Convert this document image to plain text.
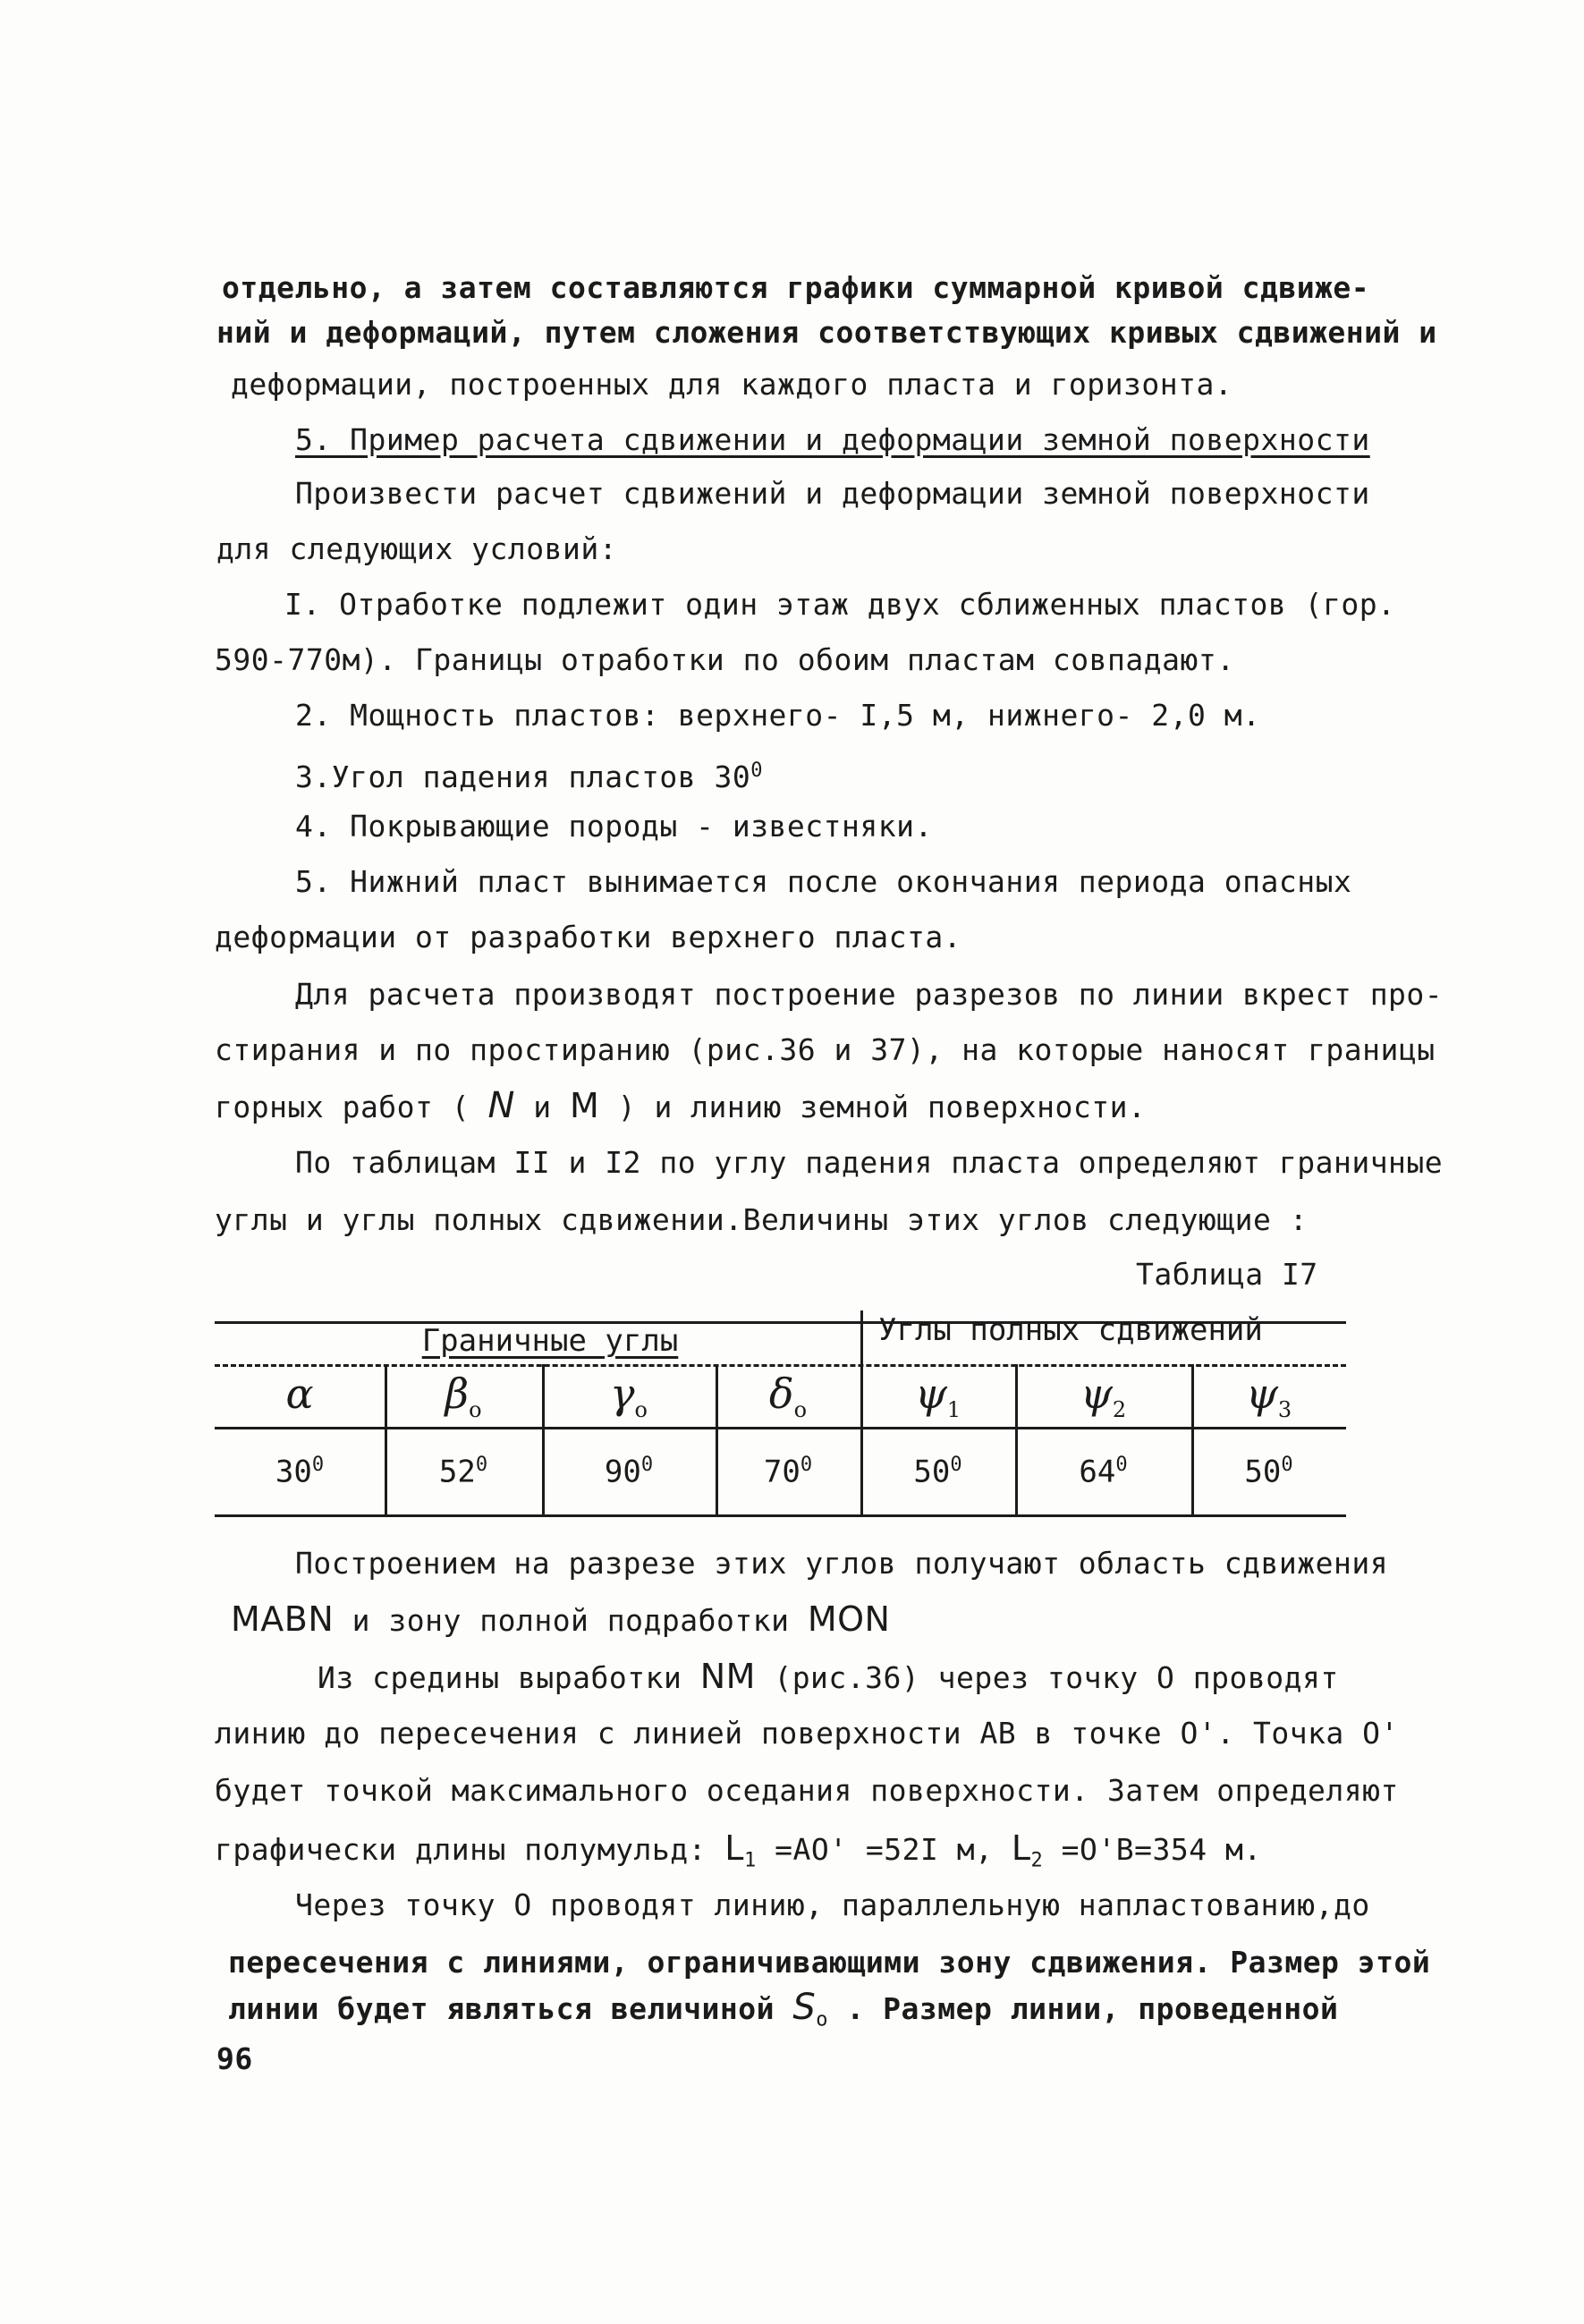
отдельно, а затем составляются графики суммарной кривой сдвиже-
ний и деформаций, путем сложения соответствующих кривых сдвижений и
деформации, построенных для каждого пласта и горизонта.
5. Пример расчета сдвижении и деформации земной поверхности
Произвести расчет сдвижений и деформации земной поверхности
для следующих условий:
I. Отработке подлежит один этаж двух сближенных пластов (гор.
590-770м). Границы отработки по обоим пластам совпадают.
2. Мощность пластов: верхнего- I,5 м, нижнего- 2,0 м.
3.Угол падения пластов $30^0$
4. Покрывающие породы - известняки.
5. Нижний пласт вынимается после окончания периода опасных
деформации от разработки верхнего пласта.
Для расчета производят построение разрезов по линии вкрест про-
стирания и по простиранию (рис.36 и 37), на которые наносят границы
горных работ ( N и M ) и линию земной поверхности.
По таблицам II и I2 по углу падения пласта определяют граничные
углы и углы полных сдвижении.Величины этих углов следующие :
Таблица I7
Граничные углы	Углы полных сдвижений
α	$\beta_o$	$\gamma_o$	$\delta_o$	$\psi_1$	$\psi_2$	$\psi_3$
$30^0$	$52^0$	$90^0$	$70^0$	$50^0$	$64^0$	$50^0$
Построением на разрезе этих углов получают область сдвижения
MABN и зону полной подработки MON
Из средины выработки NM (рис.36) через точку О проводят
линию до пересечения с линией поверхности АВ в точке О'. Точка О'
будет точкой максимального оседания поверхности. Затем определяют
графически длины полумульд: $L_1 =АО' =52I$ м, $L_2 =О'В=354$ м.
Через точку О проводят линию, параллельную напластованию,до
пересечения с линиями, ограничивающими зону сдвижения. Размер этой
линии будет являться величиной $S_o$ . Размер линии, проведенной
96
